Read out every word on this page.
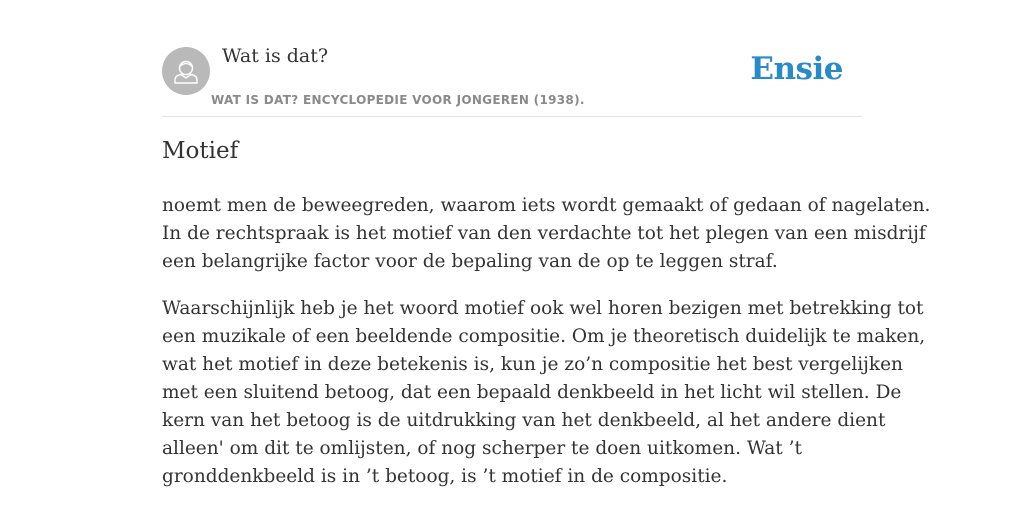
Wat is dat?
WAT IS DAT? ENCYCLOPEDIE VOOR JONGEREN (1938).
Ensie
Motief

noemt men de beweegreden, waarom iets wordt gemaakt of gedaan of nagelaten.
In de rechtspraak is het motief van den verdachte tot het plegen van een misdrijf
een belangrijke factor voor de bepaling van de op te leggen straf.

Waarschijnlijk heb je het woord motief ook wel horen bezigen met betrekking tot
een muzikale of een beeldende compositie. Om je theoretisch duidelijk te maken,
wat het motief in deze betekenis is, kun je zo’n compositie het best vergelijken
met een sluitend betoog, dat een bepaald denkbeeld in het licht wil stellen. De
kern van het betoog is de uitdrukking van het denkbeeld, al het andere dient
alleen' om dit te omlijsten, of nog scherper te doen uitkomen. Wat ’t
gronddenkbeeld is in ’t betoog, is ’t motief in de compositie.
